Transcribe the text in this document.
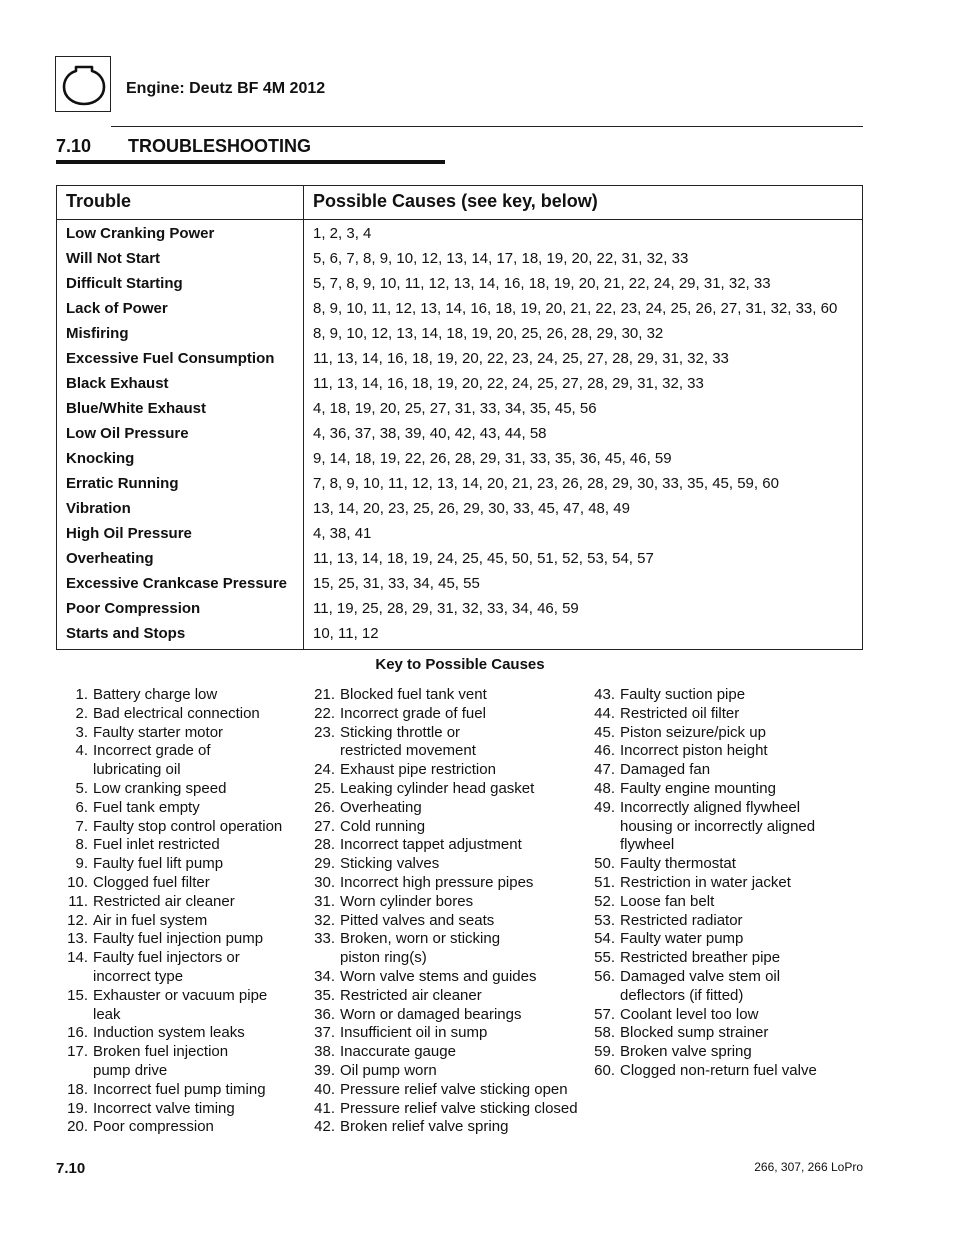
Engine: Deutz BF 4M 2012
7.10 TROUBLESHOOTING
Trouble	Possible Causes (see key, below)
Low Cranking Power	1, 2, 3, 4
Will Not Start	5, 6, 7, 8, 9, 10, 12, 13, 14, 17, 18, 19, 20, 22, 31, 32, 33
Difficult Starting	5, 7, 8, 9, 10, 11, 12, 13, 14, 16, 18, 19, 20, 21, 22, 24, 29, 31, 32, 33
Lack of Power	8, 9, 10, 11, 12, 13, 14, 16, 18, 19, 20, 21, 22, 23, 24, 25, 26, 27, 31, 32, 33, 60
Misfiring	8, 9, 10, 12, 13, 14, 18, 19, 20, 25, 26, 28, 29, 30, 32
Excessive Fuel Consumption	11, 13, 14, 16, 18, 19, 20, 22, 23, 24, 25, 27, 28, 29, 31, 32, 33
Black Exhaust	11, 13, 14, 16, 18, 19, 20, 22, 24, 25, 27, 28, 29, 31, 32, 33
Blue/White Exhaust	4, 18, 19, 20, 25, 27, 31, 33, 34, 35, 45, 56
Low Oil Pressure	4, 36, 37, 38, 39, 40, 42, 43, 44, 58
Knocking	9, 14, 18, 19, 22, 26, 28, 29, 31, 33, 35, 36, 45, 46, 59
Erratic Running	7, 8, 9, 10, 11, 12, 13, 14, 20, 21, 23, 26, 28, 29, 30, 33, 35, 45, 59, 60
Vibration	13, 14, 20, 23, 25, 26, 29, 30, 33, 45, 47, 48, 49
High Oil Pressure	4, 38, 41
Overheating	11, 13, 14, 18, 19, 24, 25, 45, 50, 51, 52, 53, 54, 57
Excessive Crankcase Pressure 15, 25, 31, 33, 34, 45, 55
Poor Compression	11, 19, 25, 28, 29, 31, 32, 33, 34, 46, 59
Starts and Stops	10, 11, 12
Key to Possible Causes
1. Battery charge low
2. Bad electrical connection
3. Faulty starter motor
4. Incorrect grade of
lubricating oil
5. Low cranking speed
6. Fuel tank empty
7. Faulty stop control operation
8. Fuel inlet restricted
9. Faulty fuel lift pump
10. Clogged fuel filter
11. Restricted air cleaner
12. Air in fuel system
13. Faulty fuel injection pump
14. Faulty fuel injectors or
incorrect type
15. Exhauster or vacuum pipe
leak
16. Induction system leaks
17. Broken fuel injection
pump drive
18. Incorrect fuel pump timing
19. Incorrect valve timing
20. Poor compression
21. Blocked fuel tank vent
22. Incorrect grade of fuel
23. Sticking throttle or
restricted movement
24. Exhaust pipe restriction
25. Leaking cylinder head gasket
26. Overheating
27. Cold running
28. Incorrect tappet adjustment
29. Sticking valves
30. Incorrect high pressure pipes
31. Worn cylinder bores
32. Pitted valves and seats
33. Broken, worn or sticking
piston ring(s)
34. Worn valve stems and guides
35. Restricted air cleaner
36. Worn or damaged bearings
37. Insufficient oil in sump
38. Inaccurate gauge
39. Oil pump worn
40. Pressure relief valve sticking open
41. Pressure relief valve sticking closed
42. Broken relief valve spring
43. Faulty suction pipe
44. Restricted oil filter
45. Piston seizure/pick up
46. Incorrect piston height
47. Damaged fan
48. Faulty engine mounting
49. Incorrectly aligned flywheel
housing or incorrectly aligned
flywheel
50. Faulty thermostat
51. Restriction in water jacket
52. Loose fan belt
53. Restricted radiator
54. Faulty water pump
55. Restricted breather pipe
56. Damaged valve stem oil
deflectors (if fitted)
57. Coolant level too low
58. Blocked sump strainer
59. Broken valve spring
60. Clogged non-return fuel valve
7.10	266, 307, 266 LoPro
